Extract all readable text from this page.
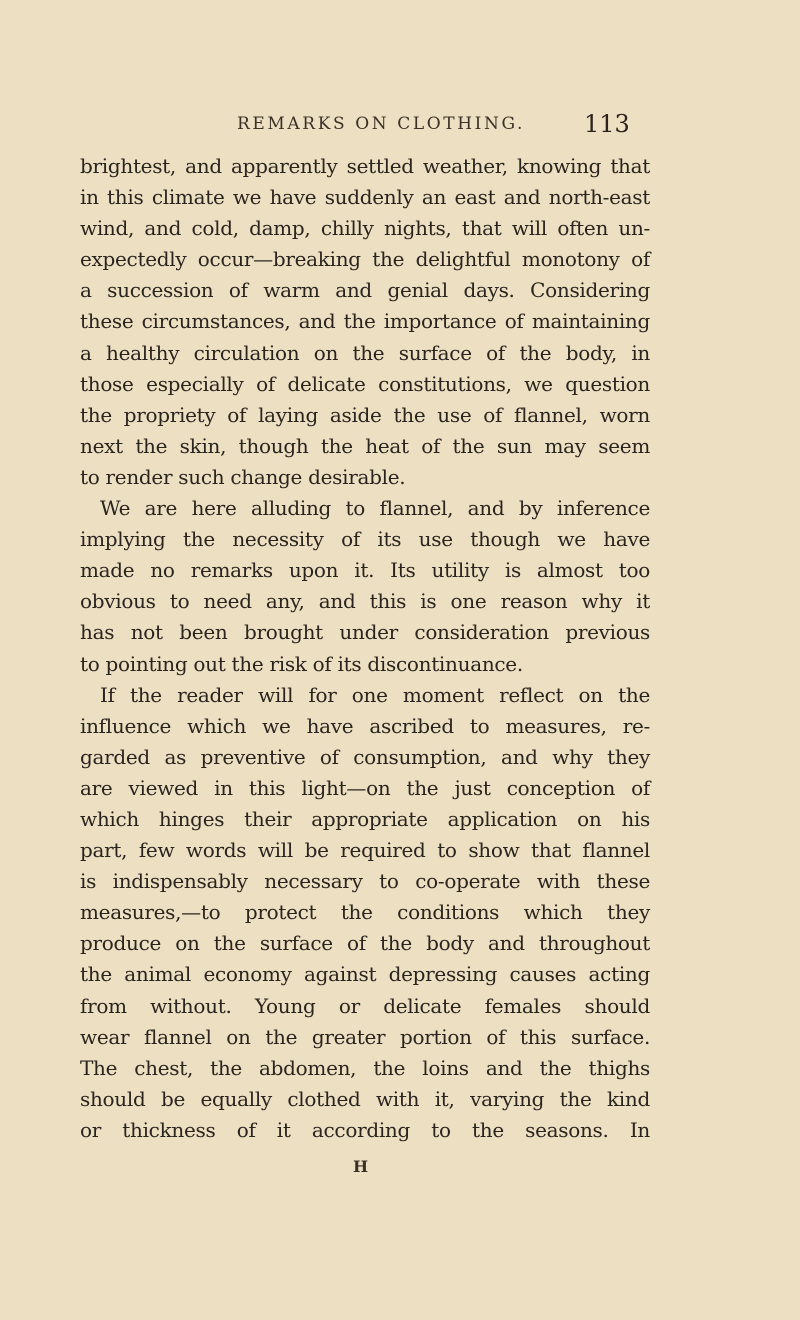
REMARKS ON CLOTHING. 113
brightest, and apparently settled weather, knowing that
in this climate we have suddenly an east and north-east
wind, and cold, damp, chilly nights, that will often un-
expectedly occur—breaking the delightful monotony of
a succession of warm and genial days. Considering
these circumstances, and the importance of maintaining
a healthy circulation on the surface of the body, in
those especially of delicate constitutions, we question
the propriety of laying aside the use of flannel, worn
next the skin, though the heat of the sun may seem
to render such change desirable.
We are here alluding to flannel, and by inference
implying the necessity of its use though we have
made no remarks upon it. Its utility is almost too
obvious to need any, and this is one reason why it
has not been brought under consideration previous
to pointing out the risk of its discontinuance.
If the reader will for one moment reflect on the
influence which we have ascribed to measures, re-
garded as preventive of consumption, and why they
are viewed in this light—on the just conception of
which hinges their appropriate application on his
part, few words will be required to show that flannel
is indispensably necessary to co-operate with these
measures,—to protect the conditions which they
produce on the surface of the body and throughout
the animal economy against depressing causes acting
from without. Young or delicate females should
wear flannel on the greater portion of this surface.
The chest, the abdomen, the loins and the thighs
should be equally clothed with it, varying the kind
or thickness of it according to the seasons. In
H
